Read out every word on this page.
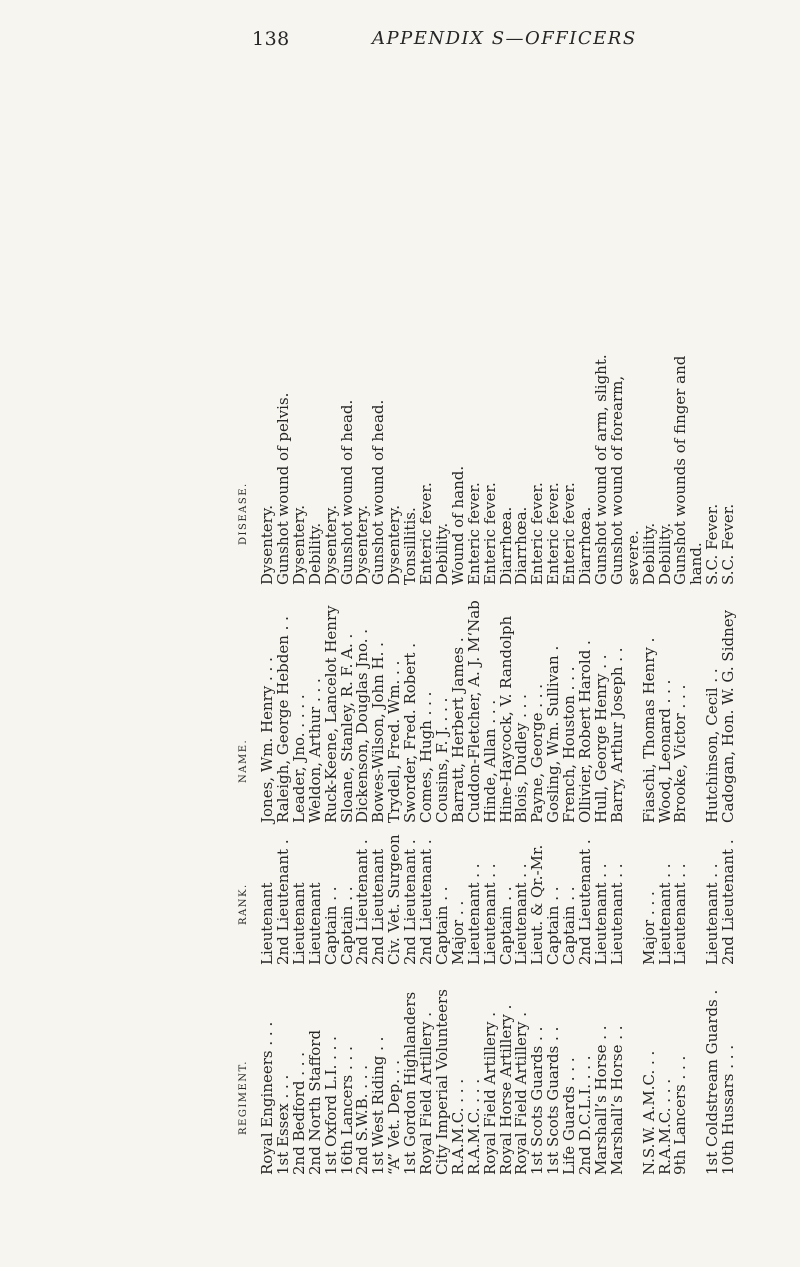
138	APPENDIX S—OFFICERS
DISEASE.
NAME.
RANK.
REGIMENT. Royal Engineers . . .
Lieutenant
Jones, Wm. Henry . . .
Dysentery.
1st Essex . . .
2nd Lieutenant .
Raleigh, George Hebden . .
Gunshot wound of pelvis.
2nd Bedford . . .
Lieutenant
Leader, Jno. . . . .
Dysentery.
2nd North Stafford
Lieutenant
Weldon, Arthur . . .
Debility.
1st Oxford L.I. . . .
Captain . .
Ruck-Keene, Lancelot Henry
Dysentery.
16th Lancers . . .
Captain . .
Sloane, Stanley, R. F. A. .
Gunshot wound of head.
2nd S.W.B. . . .
2nd Lieutenant .
Dickenson, Douglas Jno. .
Dysentery.
1st West Riding . .
2nd Lieutenant
Bowes-Wilson, John H. .
Gunshot wound of head.
“A” Vet. Dep. . .
Civ. Vet. Surgeon
Trydell, Fred. Wm. . .
Dysentery.
1st Gordon Highlanders
2nd Lieutenant .
Sworder, Fred. Robert .
Tonsillitis.
Royal Field Artillery .
2nd Lieutenant .
Comes, Hugh . . .
Enteric fever.
City Imperial Volunteers
Captain . .
Cousins, F. J. . . .
Debility.
R.A.M.C. . . .
Major . .
Barratt, Herbert James .
Wound of hand.
R.A.M.C. . . .
Lieutenant . .
Cuddon-Fletcher, A. J. M‘Nab
Enteric fever.
Royal Field Artillery .
Lieutenant . .
Hinde, Allan . . .
Enteric fever.
Royal Horse Artillery .
Captain . .
Hine-Haycock, V. Randolph
Diarrhœa.
Royal Field Artillery .
Lieutenant . .
Blois, Dudley . . .
Diarrhœa.
1st Scots Guards . .
Lieut. & Qr.-Mr.
Payne, George . . .
Enteric fever.
1st Scots Guards . .
Captain . .
Gosling, Wm. Sullivan .
Enteric fever.
Life Guards . . .
Captain . .
French, Houston . . .
Enteric fever.
2nd D.C.L.I. . . .
2nd Lieutenant .
Ollivier, Robert Harold .
Diarrhœa.
Marshall’s Horse . .
Lieutenant . .
Hull, George Henry . .
Gunshot wound of arm, slight.
Marshall’s Horse . .
Lieutenant . .
Barry, Arthur Joseph . .
Gunshot wound of forearm,
severe.
N.S.W. A.M.C. . .
Major . . .
Fiaschi, Thomas Henry .
Debility.
R.A.M.C. . . .
Lieutenant . .
Wood, Leonard . . .
Debility.
9th Lancers . . .
Lieutenant . .
Brooke, Victor . . .
Gunshot wounds of finger and
hand.
1st Coldstream Guards .
Lieutenant . .
Hutchinson, Cecil . .
S.C. Fever.
10th Hussars . . .
2nd Lieutenant .
Cadogan, Hon. W. G. Sidney
S.C. Fever.
